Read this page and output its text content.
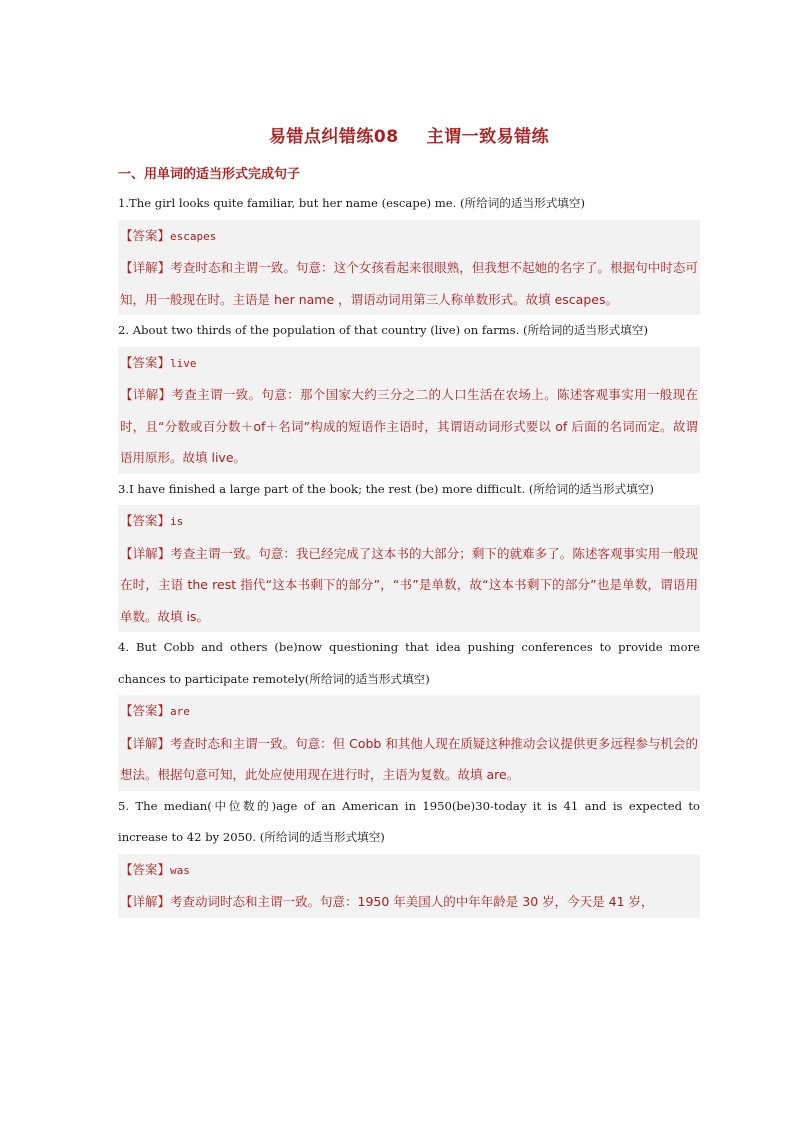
易错点纠错练08 主谓一致易错练
一、用单词的适当形式完成句子
1.The girl looks quite familiar, but her name (escape) me. (所给词的适当形式填空)
【答案】escapes
【详解】考查时态和主谓一致。句意：这个女孩看起来很眼熟，但我想不起她的名字了。根据句中时态可知，用一般现在时。主语是 her name ，谓语动词用第三人称单数形式。故填 escapes。
2. About two thirds of the population of that country (live) on farms. (所给词的适当形式填空)
【答案】live
【详解】考查主谓一致。句意：那个国家大约三分之二的人口生活在农场上。陈述客观事实用一般现在时，且“分数或百分数＋of＋名词”构成的短语作主语时，其谓语动词形式要以 of 后面的名词而定。故谓语用原形。故填 live。
3.I have finished a large part of the book; the rest (be) more difficult. (所给词的适当形式填空)
【答案】is
【详解】考查主谓一致。句意：我已经完成了这本书的大部分；剩下的就难多了。陈述客观事实用一般现在时，主语 the rest 指代“这本书剩下的部分”，“书”是单数，故“这本书剩下的部分”也是单数，谓语用单数。故填 is。
4. But Cobb and others (be)now questioning that idea pushing conferences to provide more chances to participate remotely(所给词的适当形式填空)
【答案】are
【详解】考查时态和主谓一致。句意：但 Cobb 和其他人现在质疑这种推动会议提供更多远程参与机会的想法。根据句意可知，此处应使用现在进行时，主语为复数。故填 are。
5. The median(中位数的)age of an American in 1950(be)30-today it is 41 and is expected to increase to 42 by 2050. (所给词的适当形式填空)
【答案】was
【详解】考查动词时态和主谓一致。句意：1950 年美国人的中年年龄是 30 岁，今天是 41 岁，
